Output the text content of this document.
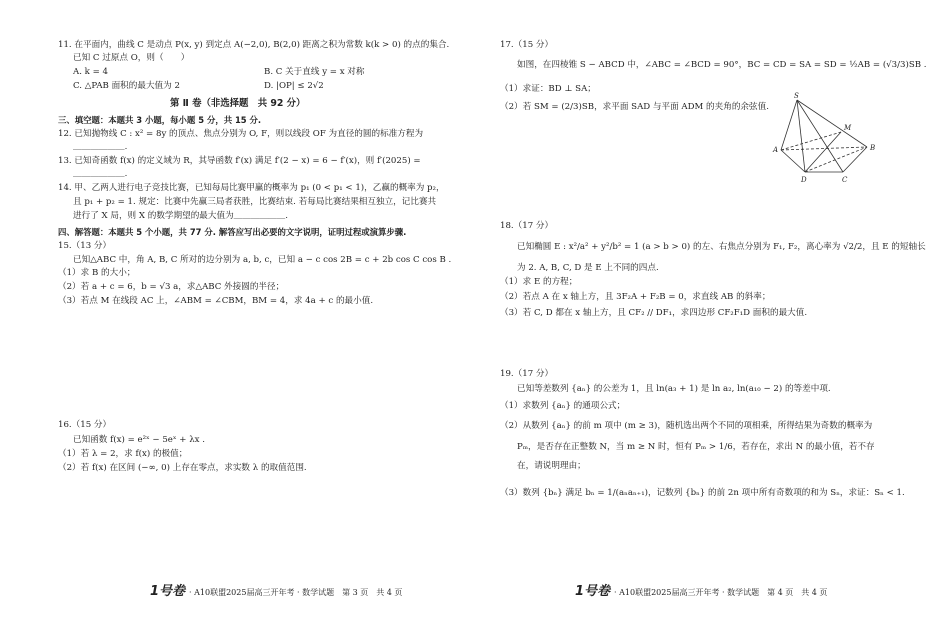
11. 在平面内，曲线 C 是动点 P(x, y) 到定点 A(−2,0), B(2,0) 距离之积为常数 k(k > 0) 的点的集合.
已知 C 过原点 O，则（　　）
A. k = 4	B. C 关于直线 y = x 对称
C. △PAB 面积的最大值为 2	D. |OP| ≤ 2√2
第 Ⅱ 卷（非选择题　共 92 分）
三、填空题：本题共 3 小题，每小题 5 分，共 15 分.
12. 已知抛物线 C : x² = 8y 的顶点、焦点分别为 O, F，则以线段 OF 为直径的圆的标准方程为
＿＿＿＿＿＿.
13. 已知奇函数 f(x) 的定义域为 R，其导函数 f′(x) 满足 f′(2 − x) = 6 − f′(x)，则 f′(2025) =
＿＿＿＿＿＿.
14. 甲、乙两人进行电子竞技比赛，已知每局比赛甲赢的概率为 p₁ (0 < p₁ < 1)，乙赢的概率为 p₂，
且 p₁ + p₂ = 1. 规定：比赛中先赢三局者获胜，比赛结束. 若每局比赛结果相互独立，记比赛共
进行了 X 局，则 X 的数学期望的最大值为＿＿＿＿＿＿.
四、解答题：本题共 5 个小题，共 77 分. 解答应写出必要的文字说明，证明过程或演算步骤.
15.（13 分）
已知△ABC 中，角 A, B, C 所对的边分别为 a, b, c，已知 a − c cos 2B = c + 2b cos C cos B .
（1）求 B 的大小；
（2）若 a + c = 6，b = √3 a，求△ABC 外接圆的半径；
（3）若点 M 在线段 AC 上，∠ABM = ∠CBM，BM = 4，求 4a + c 的最小值.
16.（15 分）
已知函数 f(x) = e²ˣ − 5eˣ + λx .
（1）若 λ = 2，求 f(x) 的极值；
（2）若 f(x) 在区间 (−∞, 0) 上存在零点，求实数 λ 的取值范围.
1号卷 · A10联盟2025届高三开年考 · 数学试题　第 3 页　共 4 页
17.（15 分）
如图，在四棱锥 S − ABCD 中，∠ABC = ∠BCD = 90°，BC = CD = SA = SD = ½AB = (√3/3)SB .
（1）求证：BD ⊥ SA；
（2）若 SM = (2/3)SB，求平面 SAD 与平面 ADM 的夹角的余弦值.
S
M
A	B
D	C
18.（17 分）
已知椭圆 E : x²/a² + y²/b² = 1 (a > b > 0) 的左、右焦点分别为 F₁, F₂，离心率为 √2/2，且 E 的短轴长
为 2. A, B, C, D 是 E 上不同的四点.
（1）求 E 的方程；
（2）若点 A 在 x 轴上方，且 3F₂A + F₂B = 0，求直线 AB 的斜率；
（3）若 C, D 都在 x 轴上方，且 CF₂ // DF₁，求四边形 CF₂F₁D 面积的最大值.
19.（17 分）
已知等差数列 {aₙ} 的公差为 1，且 ln(a₃ + 1) 是 ln a₂, ln(a₁₀ − 2) 的等差中项.
（1）求数列 {aₙ} 的通项公式；
（2）从数列 {aₙ} 的前 m 项中 (m ≥ 3)，随机选出两个不同的项相乘，所得结果为奇数的概率为
Pₘ，是否存在正整数 N，当 m ≥ N 时，恒有 Pₘ > 1/6，若存在，求出 N 的最小值，若不存
在，请说明理由；
（3）数列 {bₙ} 满足 bₙ = 1/(aₙaₙ₊₁)，记数列 {bₙ} 的前 2n 项中所有奇数项的和为 Sₙ，求证：Sₙ < 1.
1号卷 · A10联盟2025届高三开年考 · 数学试题　第 4 页　共 4 页
